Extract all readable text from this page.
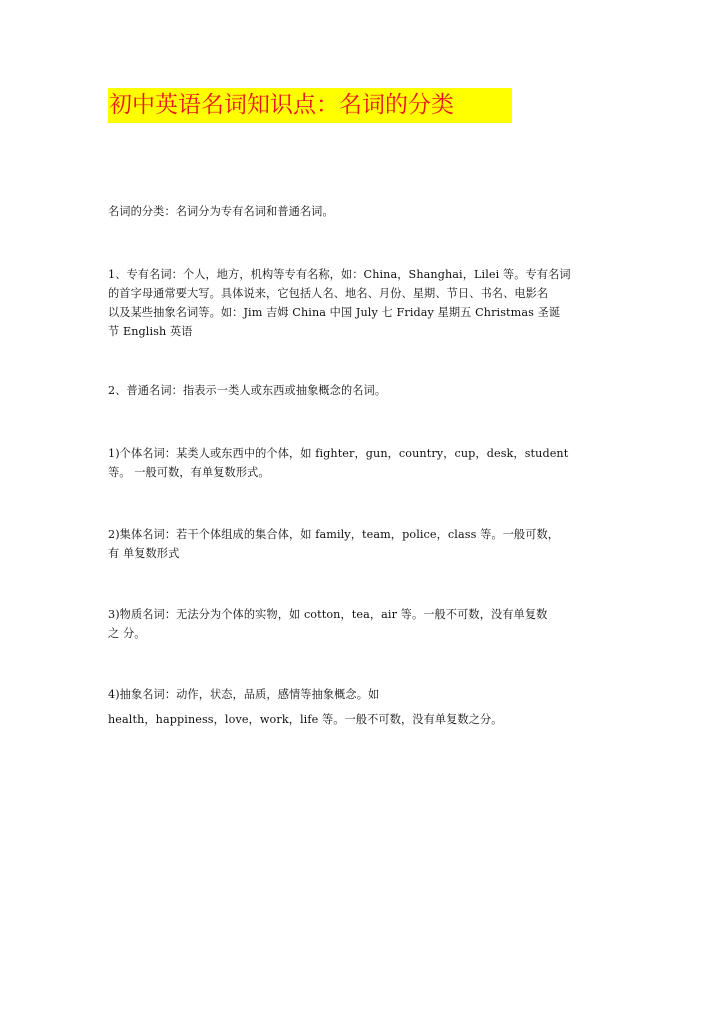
初中英语名词知识点：名词的分类
名词的分类：名词分为专有名词和普通名词。
1、专有名词：个人，地方，机构等专有名称，如：China，Shanghai，Lilei 等。专有名词
的首字母通常要大写。具体说来，它包括人名、地名、月份、星期、节日、书名、电影名
以及某些抽象名词等。如：Jim 吉姆 China 中国 July 七 Friday 星期五 Christmas 圣诞
节 English 英语
2、普通名词：指表示一类人或东西或抽象概念的名词。
1)个体名词：某类人或东西中的个体，如 fighter，gun，country，cup，desk，student
等。 一般可数，有单复数形式。
2)集体名词：若干个体组成的集合体，如 family，team，police，class 等。一般可数，
有 单复数形式
3)物质名词：无法分为个体的实物，如 cotton，tea，air 等。一般不可数，没有单复数
之 分。
4)抽象名词：动作，状态，品质，感情等抽象概念。如
health，happiness，love，work，life 等。一般不可数，没有单复数之分。
